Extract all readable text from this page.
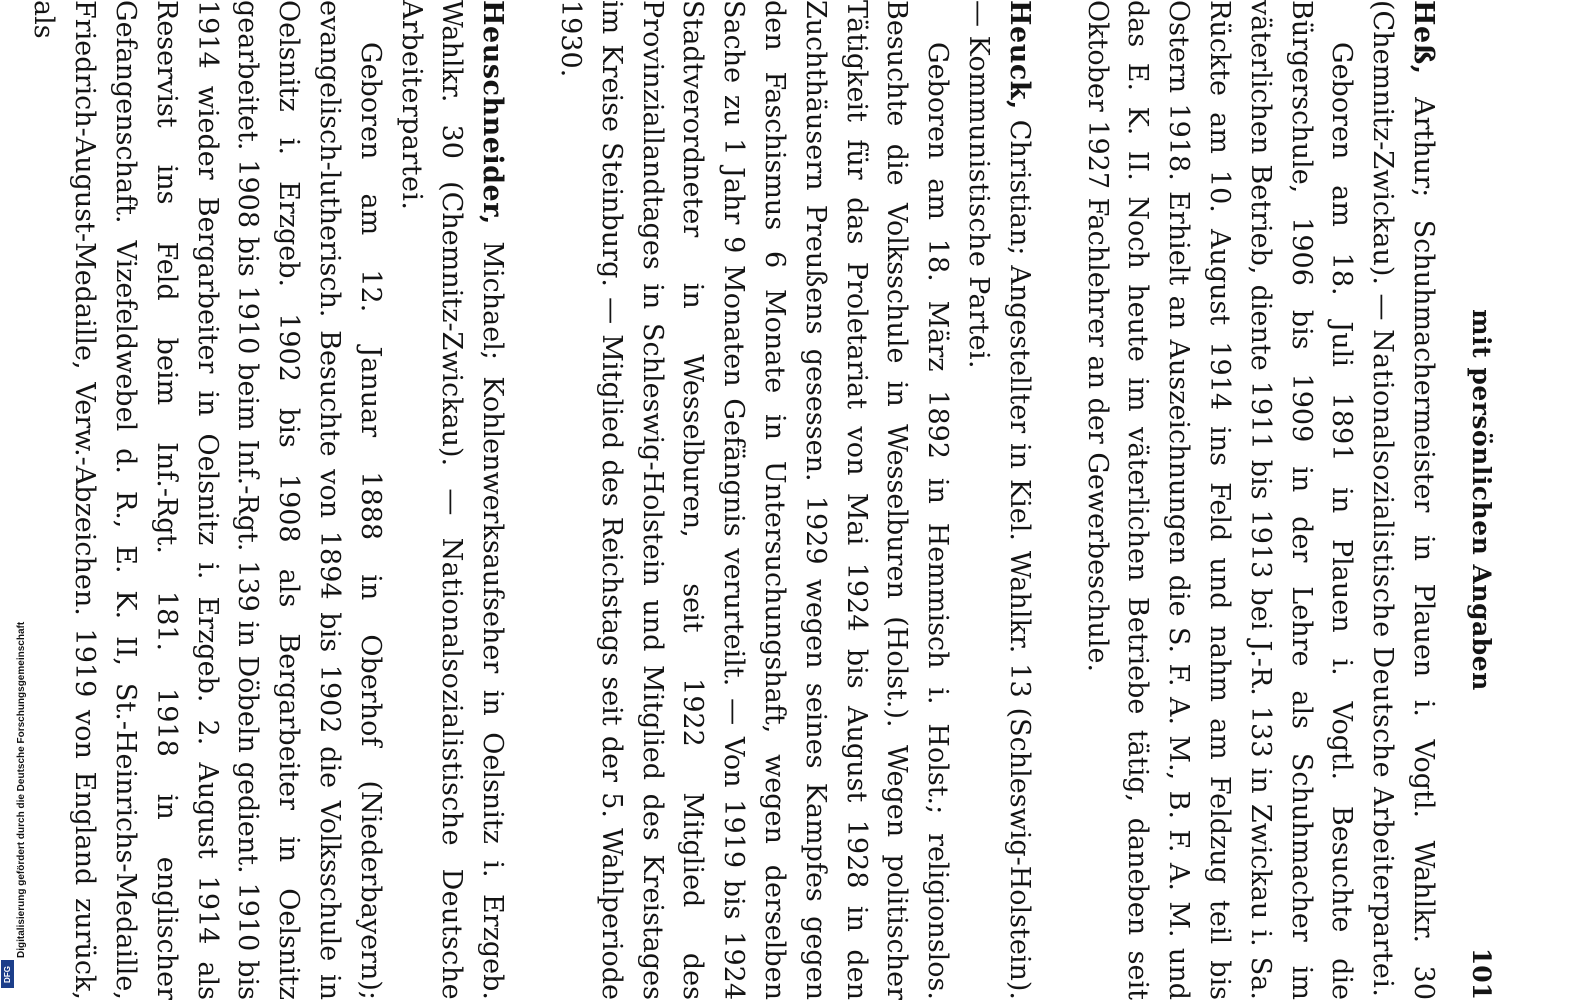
mit persönlichen Angaben
101

Heß, Arthur; Schuhmachermeister in Plauen i. Vogtl. Wahlkr. 30 (Chemnitz-Zwickau). — Nationalsozialistische Deutsche Arbeiterpartei.

Geboren am 18. Juli 1891 in Plauen i. Vogtl. Besuchte die Bürgerschule, 1906 bis 1909 in der Lehre als Schuhmacher im väterlichen Betrieb, diente 1911 bis 1913 bei J.-R. 133 in Zwickau i. Sa. Rückte am 10. August 1914 ins Feld und nahm am Feldzug teil bis Ostern 1918. Erhielt an Auszeichnungen die S. F. A. M., B. F. A. M. und das E. K. II. Noch heute im väterlichen Betriebe tätig, daneben seit Oktober 1927 Fachlehrer an der Gewerbeschule.

Heuck, Christian; Angestellter in Kiel. Wahlkr. 13 (Schleswig-Holstein). — Kommunistische Partei.

Geboren am 18. März 1892 in Hemmisch i. Holst.; religionslos. Besuchte die Volksschule in Wesselburen (Holst.). Wegen politischer Tätigkeit für das Proletariat von Mai 1924 bis August 1928 in den Zuchthäusern Preußens gesessen. 1929 wegen seines Kampfes gegen den Faschismus 6 Monate in Untersuchungshaft, wegen derselben Sache zu 1 Jahr 9 Monaten Gefängnis verurteilt. — Von 1919 bis 1924 Stadtverordneter in Wesselburen, seit 1922 Mitglied des Provinziallandtages in Schleswig-Holstein und Mitglied des Kreistages im Kreise Steinburg. — Mitglied des Reichstags seit der 5. Wahlperiode 1930.

Heuschneider, Michael; Kohlenwerksaufseher in Oelsnitz i. Erzgeb. Wahlkr. 30 (Chemnitz-Zwickau). — Nationalsozialistische Deutsche Arbeiterpartei.

Geboren am 12. Januar 1888 in Oberhof (Niederbayern); evangelisch-lutherisch. Besuchte von 1894 bis 1902 die Volksschule in Oelsnitz i. Erzgeb. 1902 bis 1908 als Bergarbeiter in Oelsnitz gearbeitet. 1908 bis 1910 beim Inf.-Rgt. 139 in Döbeln gedient. 1910 bis 1914 wieder Bergarbeiter in Oelsnitz i. Erzgeb. 2. August 1914 als Reservist ins Feld beim Inf.-Rgt. 181. 1918 in englischer Gefangenschaft. Vizefeldwebel d. R., E. K. II, St.-Heinrichs-Medaille, Friedrich-August-Medaille, Verw.-Abzeichen. 1919 von England zurück, als

Digitalisierung gefördert durch die Deutsche Forschungsgemeinschaft
DFG
